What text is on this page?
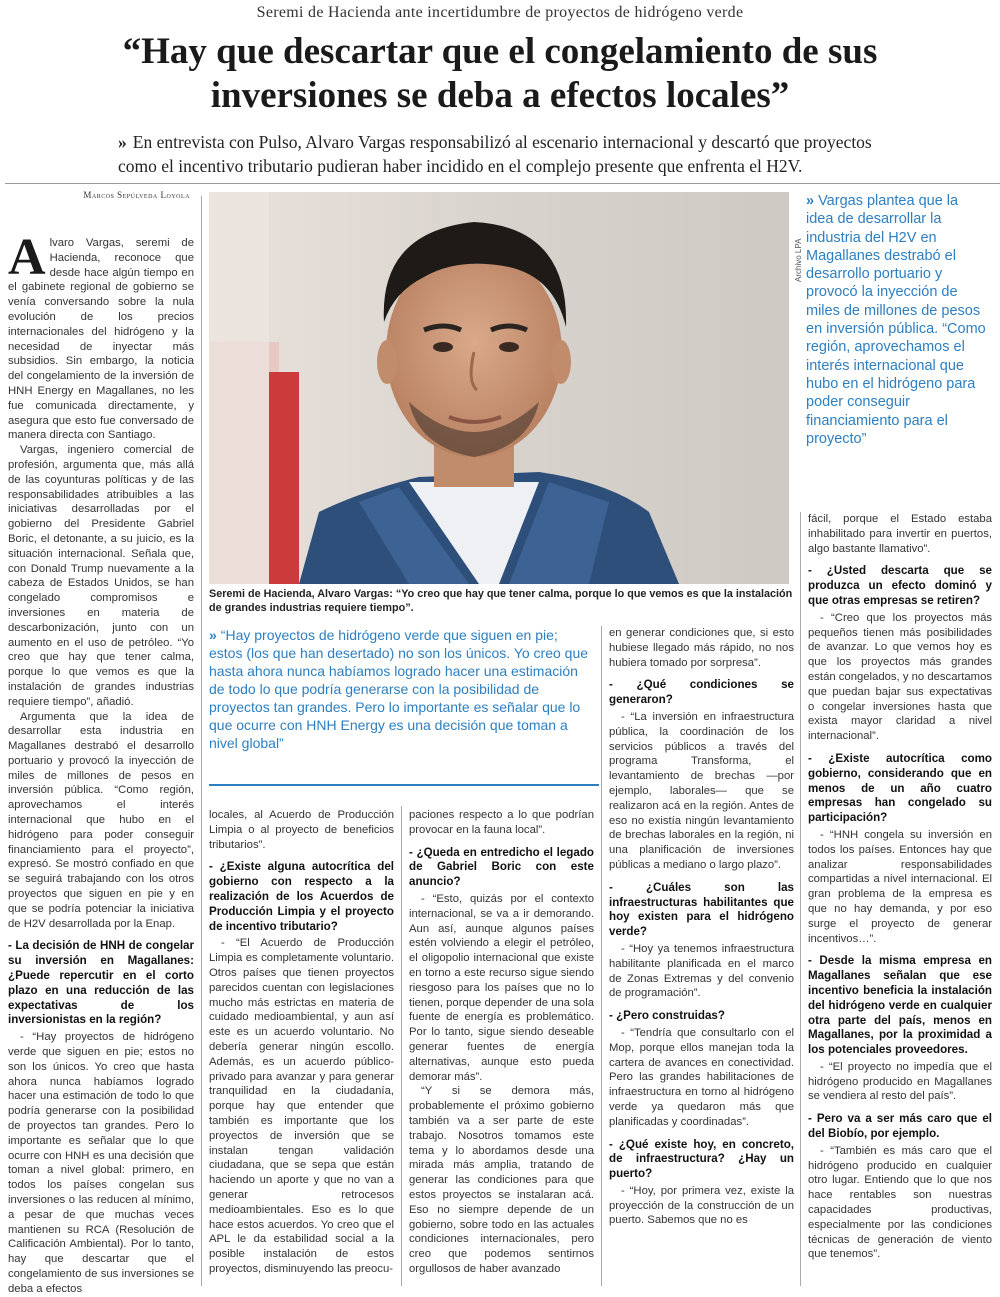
Seremi de Hacienda ante incertidumbre de proyectos de hidrógeno verde
“Hay que descartar que el congelamiento de sus inversiones se deba a efectos locales”
» En entrevista con Pulso, Alvaro Vargas responsabilizó al escenario internacional y descartó que proyectos como el incentivo tributario pudieran haber incidido en el complejo presente que enfrenta el H2V.
Marcos Sepúlveda Loyola

Alvaro Vargas, seremi de Hacienda, reconoce que desde hace algún tiempo en el gabinete regional de gobierno se venía conversando sobre la nula evolución de los precios internacionales del hidrógeno y la necesidad de inyectar más subsidios. Sin embargo, la noticia del congelamiento de la inversión de HNH Energy en Magallanes, no les fue comunicada directamente, y asegura que esto fue conversado de manera directa con Santiago.

Vargas, ingeniero comercial de profesión, argumenta que, más allá de las coyunturas políticas y de las responsabilidades atribuibles a las iniciativas desarrolladas por el gobierno del Presidente Gabriel Boric, el detonante, a su juicio, es la situación internacional. Señala que, con Donald Trump nuevamente a la cabeza de Estados Unidos, se han congelado compromisos e inversiones en materia de descarbonización, junto con un aumento en el uso de petróleo. “Yo creo que hay que tener calma, porque lo que vemos es que la instalación de grandes industrias requiere tiempo”, añadió.

Argumenta que la idea de desarrollar esta industria en Magallanes destrabó el desarrollo portuario y provocó la inyección de miles de millones de pesos en inversión pública. “Como región, aprovechamos el interés internacional que hubo en el hidrógeno para poder conseguir financiamiento para el proyecto”, expresó. Se mostró confiado en que se seguirá trabajando con los otros proyectos que siguen en pie y en que se podría potenciar la iniciativa de H2V desarrollada por la Enap.

- La decisión de HNH de congelar su inversión en Magallanes: ¿Puede repercutir en el corto plazo en una reducción de las expectativas de los inversionistas en la región?

- “Hay proyectos de hidrógeno verde que siguen en pie; estos no son los únicos. Yo creo que hasta ahora nunca habíamos logrado hacer una estimación de todo lo que podría generarse con la posibilidad de proyectos tan grandes. Pero lo importante es señalar que lo que ocurre con HNH es una decisión que toman a nivel global: primero, en todos los países congelan sus inversiones o las reducen al mínimo, a pesar de que muchas veces mantienen su RCA (Resolución de Calificación Ambiental). Por lo tanto, hay que descartar que el congelamiento de sus inversiones se deba a efectos

Archivo LPA
Seremi de Hacienda, Alvaro Vargas: “Yo creo que hay que tener calma, porque lo que vemos es que la instalación de grandes industrias requiere tiempo”.
» Vargas plantea que la idea de desarrollar la industria del H2V en Magallanes destrabó el desarrollo portuario y provocó la inyección de miles de millones de pesos en inversión pública. “Como región, aprovechamos el interés internacional que hubo en el hidrógeno para poder conseguir financiamiento para el proyecto”
» “Hay proyectos de hidrógeno verde que siguen en pie; estos (los que han desertado) no son los únicos. Yo creo que hasta ahora nunca habíamos logrado hacer una estimación de todo lo que podría generarse con la posibilidad de proyectos tan grandes. Pero lo importante es señalar que lo que ocurre con HNH Energy es una decisión que toman a nivel global”

locales, al Acuerdo de Producción Limpia o al proyecto de beneficios tributarios”.

- ¿Existe alguna autocrítica del gobierno con respecto a la realización de los Acuerdos de Producción Limpia y el proyecto de incentivo tributario?

- “El Acuerdo de Producción Limpia es completamente voluntario. Otros países que tienen proyectos parecidos cuentan con legislaciones mucho más estrictas en materia de cuidado medioambiental, y aun así este es un acuerdo voluntario. No debería generar ningún escollo. Además, es un acuerdo público-privado para avanzar y para generar tranquilidad en la ciudadanía, porque hay que entender que también es importante que los proyectos de inversión que se instalan tengan validación ciudadana, que se sepa que están haciendo un aporte y que no van a generar retrocesos medioambientales. Eso es lo que hace estos acuerdos. Yo creo que el APL le da estabilidad social a la posible instalación de estos proyectos, disminuyendo las preocu-

paciones respecto a lo que podrían provocar en la fauna local”.

- ¿Queda en entredicho el legado de Gabriel Boric con este anuncio?

- “Esto, quizás por el contexto internacional, se va a ir demorando. Aun así, aunque algunos países estén volviendo a elegir el petróleo, el oligopolio internacional que existe en torno a este recurso sigue siendo riesgoso para los países que no lo tienen, porque depender de una sola fuente de energía es problemático. Por lo tanto, sigue siendo deseable generar fuentes de energía alternativas, aunque esto pueda demorar más”.

“Y si se demora más, probablemente el próximo gobierno también va a ser parte de este trabajo. Nosotros tomamos este tema y lo abordamos desde una mirada más amplia, tratando de generar las condiciones para que estos proyectos se instalaran acá. Eso no siempre depende de un gobierno, sobre todo en las actuales condiciones internacionales, pero creo que podemos sentirnos orgullosos de haber avanzado

en generar condiciones que, si esto hubiese llegado más rápido, no nos hubiera tomado por sorpresa”.

- ¿Qué condiciones se generaron?

- “La inversión en infraestructura pública, la coordinación de los servicios públicos a través del programa Transforma, el levantamiento de brechas —por ejemplo, laborales— que se realizaron acá en la región. Antes de eso no existía ningún levantamiento de brechas laborales en la región, ni una planificación de inversiones públicas a mediano o largo plazo”.

- ¿Cuáles son las infraestructuras habilitantes que hoy existen para el hidrógeno verde?

- “Hoy ya tenemos infraestructura habilitante planificada en el marco de Zonas Extremas y del convenio de programación”.

- ¿Pero construidas?

- “Tendría que consultarlo con el Mop, porque ellos manejan toda la cartera de avances en conectividad. Pero las grandes habilitaciones de infraestructura en torno al hidrógeno verde ya quedaron más que planificadas y coordinadas”.

- ¿Qué existe hoy, en concreto, de infraestructura? ¿Hay un puerto?

- “Hoy, por primera vez, existe la proyección de la construcción de un puerto. Sabemos que no es

fácil, porque el Estado estaba inhabilitado para invertir en puertos, algo bastante llamativo”.

- ¿Usted descarta que se produzca un efecto dominó y que otras empresas se retiren?

- “Creo que los proyectos más pequeños tienen más posibilidades de avanzar. Lo que vemos hoy es que los proyectos más grandes están congelados, y no descartamos que puedan bajar sus expectativas o congelar inversiones hasta que exista mayor claridad a nivel internacional”.

- ¿Existe autocrítica como gobierno, considerando que en menos de un año cuatro empresas han congelado su participación?

- “HNH congela su inversión en todos los países. Entonces hay que analizar responsabilidades compartidas a nivel internacional. El gran problema de la empresa es que no hay demanda, y por eso surge el proyecto de generar incentivos…”.

- Desde la misma empresa en Magallanes señalan que ese incentivo beneficia la instalación del hidrógeno verde en cualquier otra parte del país, menos en Magallanes, por la proximidad a los potenciales proveedores.

- “El proyecto no impedía que el hidrógeno producido en Magallanes se vendiera al resto del país”.

- Pero va a ser más caro que el del Biobío, por ejemplo.

- “También es más caro que el hidrógeno producido en cualquier otro lugar. Entiendo que lo que nos hace rentables son nuestras capacidades productivas, especialmente por las condiciones técnicas de generación de viento que tenemos”.
